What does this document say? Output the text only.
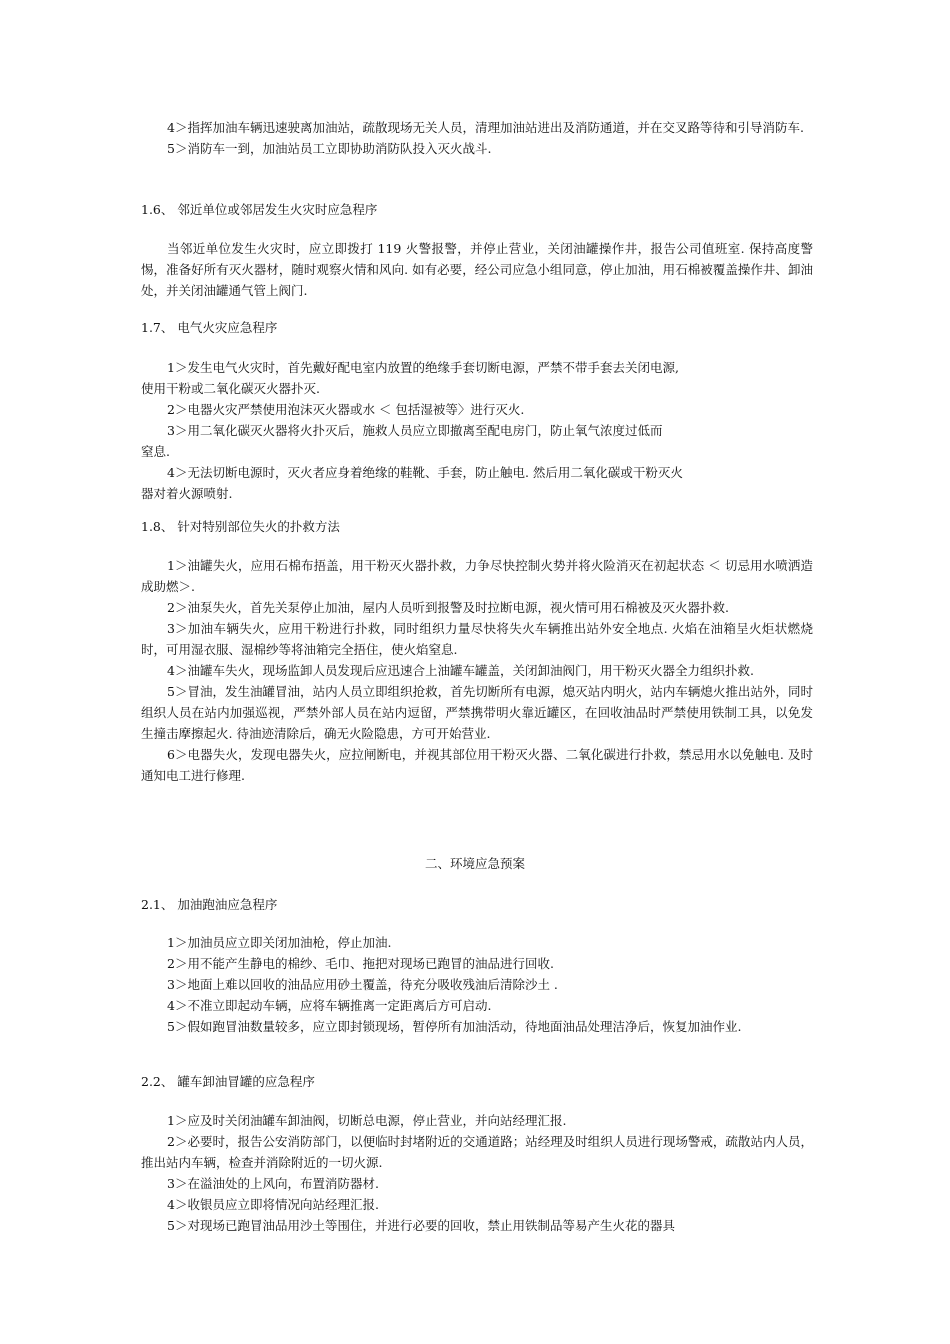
4＞指挥加油车辆迅速驶离加油站，疏散现场无关人员，清理加油站进出及消防通道，并在交叉路等待和引导消防车.

5＞消防车一到，加油站员工立即协助消防队投入灭火战斗.

1.6、 邻近单位或邻居发生火灾时应急程序

当邻近单位发生火灾时，应立即拨打 119 火警报警，并停止营业，关闭油罐操作井，报告公司值班室. 保持高度警惕，准备好所有灭火器材，随时观察火情和风向. 如有必要，经公司应急小组同意，停止加油，用石棉被覆盖操作井、卸油处，并关闭油罐通气管上阀门.

1.7、 电气火灾应急程序

1＞发生电气火灾时，首先戴好配电室内放置的绝缘手套切断电源，严禁不带手套去关闭电源,

使用干粉或二氧化碳灭火器扑灭.

2＞电器火灾严禁使用泡沫灭火器或水 ＜ 包括湿被等〉进行灭火.

3＞用二氧化碳灭火器将火扑灭后，施救人员应立即撤离至配电房门，防止氧气浓度过低而

窒息.

4＞无法切断电源时，灭火者应身着绝缘的鞋靴、手套，防止触电. 然后用二氧化碳或干粉灭火

器对着火源喷射.

1.8、 针对特别部位失火的扑救方法

1＞油罐失火，应用石棉布捂盖，用干粉灭火器扑救，力争尽快控制火势并将火险消灭在初起状态 ＜ 切忌用水喷洒造成助燃＞.

2＞油泵失火，首先关泵停止加油，屋内人员听到报警及时拉断电源，视火情可用石棉被及灭火器扑救.

3＞加油车辆失火，应用干粉进行扑救，同时组织力量尽快将失火车辆推出站外安全地点. 火焰在油箱呈火炬状燃烧时，可用湿衣服、湿棉纱等将油箱完全捂住，使火焰窒息.

4＞油罐车失火，现场监卸人员发现后应迅速合上油罐车罐盖，关闭卸油阀门，用干粉灭火器全力组织扑救.

5＞冒油，发生油罐冒油，站内人员立即组织抢救，首先切断所有电源，熄灭站内明火，站内车辆熄火推出站外，同时组织人员在站内加强巡视，严禁外部人员在站内逗留，严禁携带明火靠近罐区，在回收油品时严禁使用铁制工具，以免发生撞击摩擦起火. 待油迹清除后，确无火险隐患，方可开始营业.

6＞电器失火，发现电器失火，应拉闸断电，并视其部位用干粉灭火器、二氧化碳进行扑救，禁忌用水以免触电. 及时通知电工进行修理.

二、环境应急预案
2.1、 加油跑油应急程序

1＞加油员应立即关闭加油枪，停止加油.

2＞用不能产生静电的棉纱、毛巾、拖把对现场已跑冒的油品进行回收.

3＞地面上难以回收的油品应用砂土覆盖，待充分吸收残油后清除沙土 .

4＞不准立即起动车辆，应将车辆推离一定距离后方可启动.

5＞假如跑冒油数量较多，应立即封锁现场，暂停所有加油活动，待地面油品处理洁净后，恢复加油作业.

2.2、 罐车卸油冒罐的应急程序

1＞应及时关闭油罐车卸油阀，切断总电源，停止营业，并向站经理汇报.

2＞必要时，报告公安消防部门，以便临时封堵附近的交通道路；站经理及时组织人员进行现场警戒，疏散站内人员，推出站内车辆，检查并消除附近的一切火源.

3＞在溢油处的上风向，布置消防器材.

4＞收银员应立即将情况向站经理汇报.

5＞对现场已跑冒油品用沙土等围住，并进行必要的回收，禁止用铁制品等易产生火花的器具
